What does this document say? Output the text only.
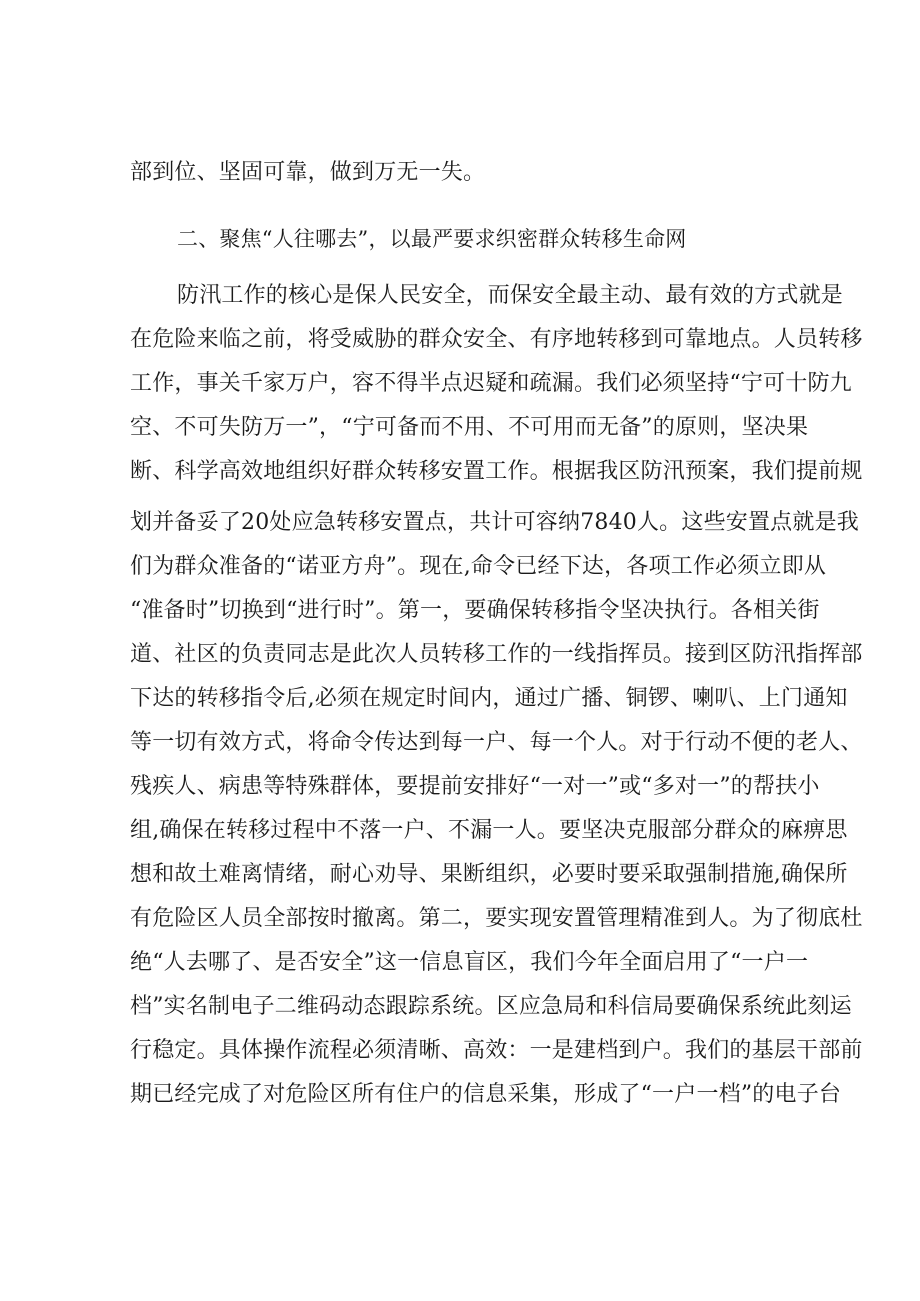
部到位、坚固可靠，做到万无一失。
二、聚焦“人往哪去”，以最严要求织密群众转移生命网
防汛工作的核心是保人民安全，而保安全最主动、最有效的方式就是
在危险来临之前，将受威胁的群众安全、有序地转移到可靠地点。人员转移
工作，事关千家万户，容不得半点迟疑和疏漏。我们必须坚持“宁可十防九
空、不可失防万一”，“宁可备而不用、不可用而无备”的原则，坚决果
断、科学高效地组织好群众转移安置工作。根据我区防汛预案，我们提前规
划并备妥了20处应急转移安置点，共计可容纳7840人。这些安置点就是我
们为群众准备的“诺亚方舟”。现在,命令已经下达，各项工作必须立即从
“准备时”切换到“进行时”。第一，要确保转移指令坚决执行。各相关街
道、社区的负责同志是此次人员转移工作的一线指挥员。接到区防汛指挥部
下达的转移指令后,必须在规定时间内，通过广播、铜锣、喇叭、上门通知
等一切有效方式，将命令传达到每一户、每一个人。对于行动不便的老人、
残疾人、病患等特殊群体，要提前安排好“一对一”或“多对一”的帮扶小
组,确保在转移过程中不落一户、不漏一人。要坚决克服部分群众的麻痹思
想和故土难离情绪，耐心劝导、果断组织，必要时要采取强制措施,确保所
有危险区人员全部按时撤离。第二，要实现安置管理精准到人。为了彻底杜
绝“人去哪了、是否安全”这一信息盲区，我们今年全面启用了“一户一
档”实名制电子二维码动态跟踪系统。区应急局和科信局要确保系统此刻运
行稳定。具体操作流程必须清晰、高效：一是建档到户。我们的基层干部前
期已经完成了对危险区所有住户的信息采集，形成了“一户一档”的电子台
